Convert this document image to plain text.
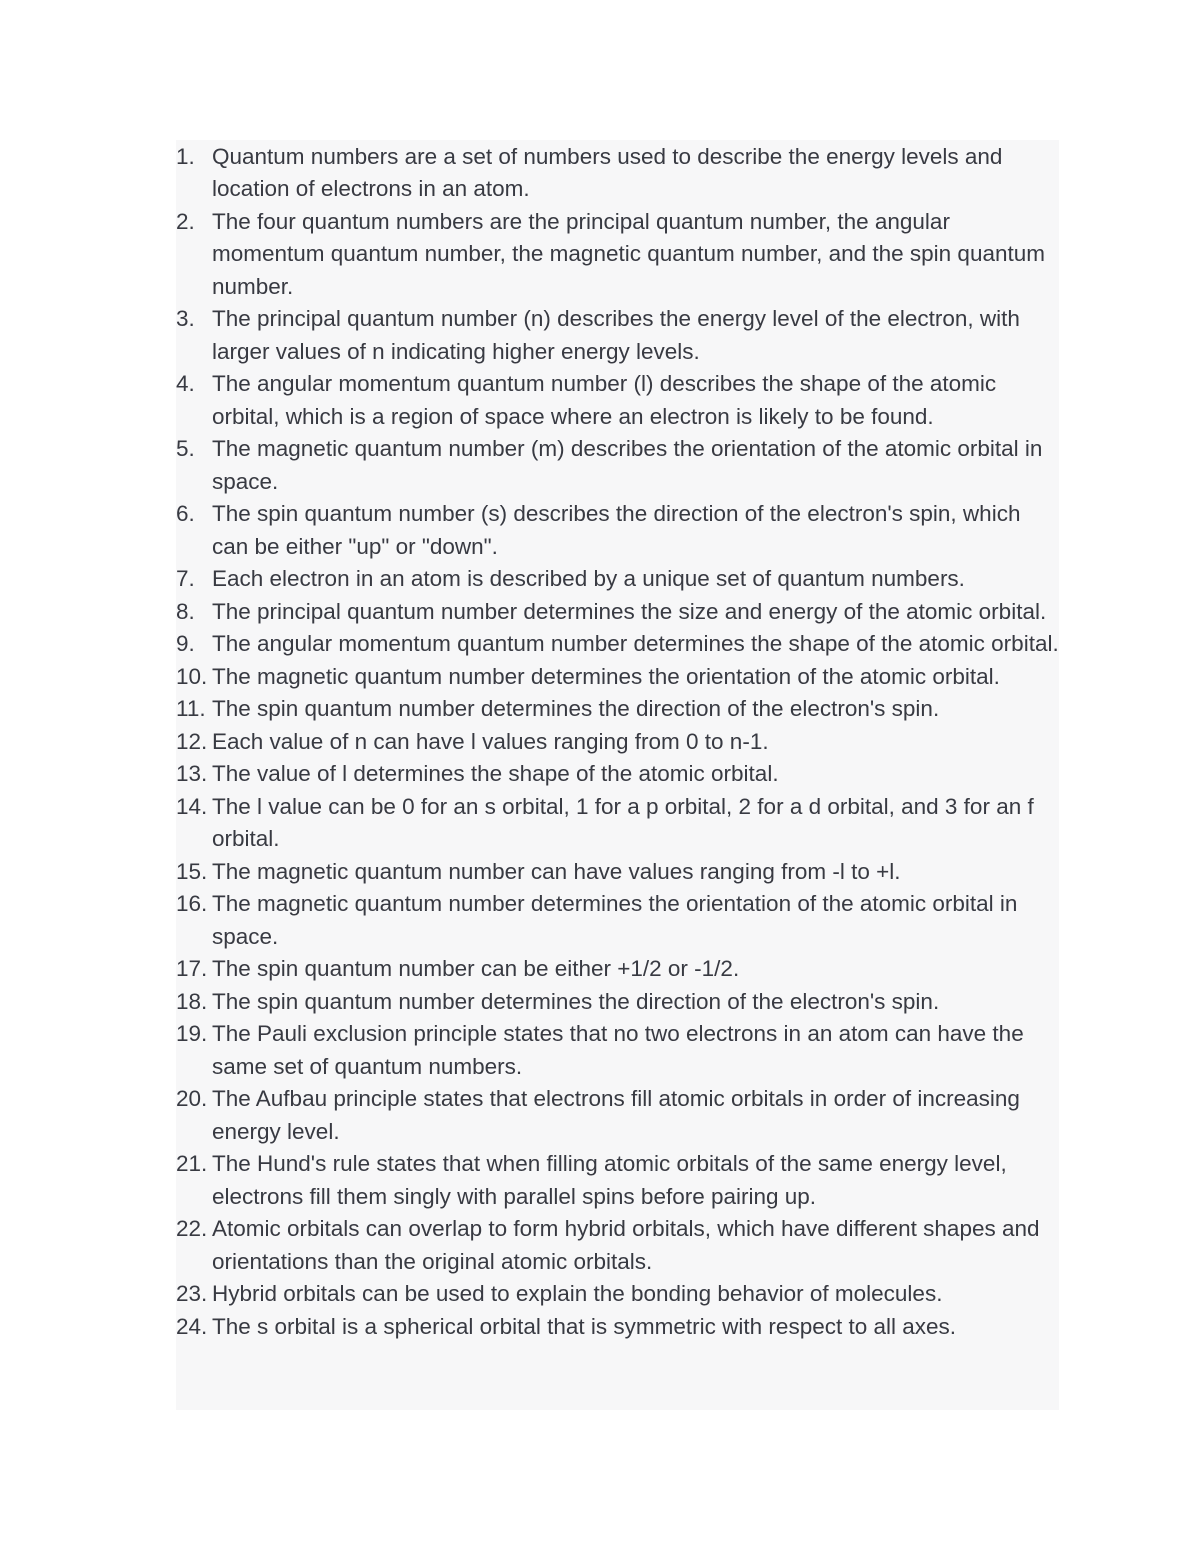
1. Quantum numbers are a set of numbers used to describe the energy levels and location of electrons in an atom.
2. The four quantum numbers are the principal quantum number, the angular momentum quantum number, the magnetic quantum number, and the spin quantum number.
3. The principal quantum number (n) describes the energy level of the electron, with larger values of n indicating higher energy levels.
4. The angular momentum quantum number (l) describes the shape of the atomic orbital, which is a region of space where an electron is likely to be found.
5. The magnetic quantum number (m) describes the orientation of the atomic orbital in space.
6. The spin quantum number (s) describes the direction of the electron's spin, which can be either "up" or "down".
7. Each electron in an atom is described by a unique set of quantum numbers.
8. The principal quantum number determines the size and energy of the atomic orbital.
9. The angular momentum quantum number determines the shape of the atomic orbital.
10. The magnetic quantum number determines the orientation of the atomic orbital.
11. The spin quantum number determines the direction of the electron's spin.
12. Each value of n can have l values ranging from 0 to n-1.
13. The value of l determines the shape of the atomic orbital.
14. The l value can be 0 for an s orbital, 1 for a p orbital, 2 for a d orbital, and 3 for an f orbital.
15. The magnetic quantum number can have values ranging from -l to +l.
16. The magnetic quantum number determines the orientation of the atomic orbital in space.
17. The spin quantum number can be either +1/2 or -1/2.
18. The spin quantum number determines the direction of the electron's spin.
19. The Pauli exclusion principle states that no two electrons in an atom can have the same set of quantum numbers.
20. The Aufbau principle states that electrons fill atomic orbitals in order of increasing energy level.
21. The Hund's rule states that when filling atomic orbitals of the same energy level, electrons fill them singly with parallel spins before pairing up.
22. Atomic orbitals can overlap to form hybrid orbitals, which have different shapes and orientations than the original atomic orbitals.
23. Hybrid orbitals can be used to explain the bonding behavior of molecules.
24. The s orbital is a spherical orbital that is symmetric with respect to all axes.
